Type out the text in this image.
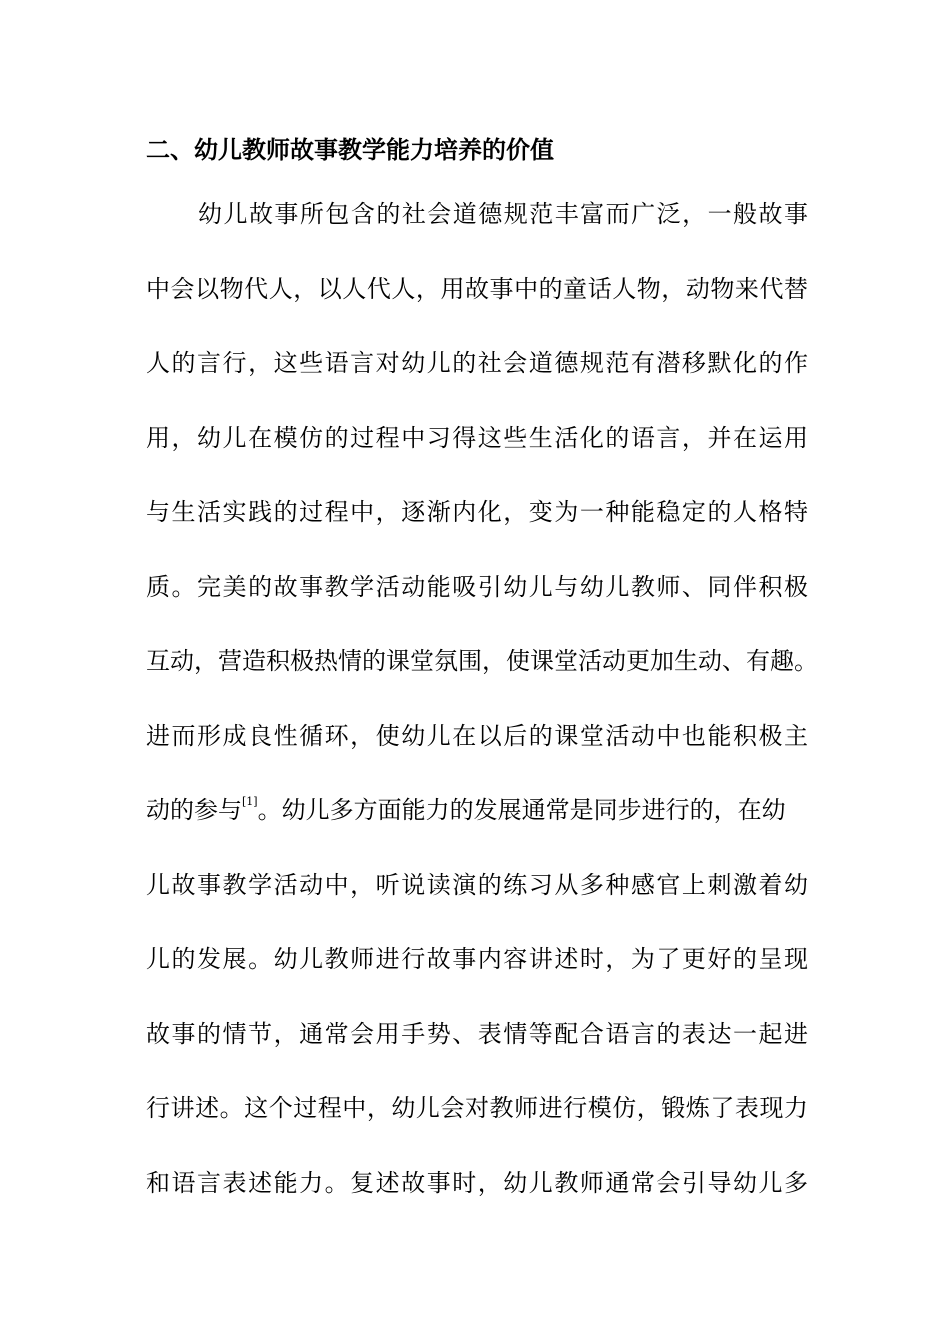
二、幼儿教师故事教学能力培养的价值
幼儿故事所包含的社会道德规范丰富而广泛，一般故事
中会以物代人，以人代人，用故事中的童话人物，动物来代替
人的言行，这些语言对幼儿的社会道德规范有潜移默化的作
用，幼儿在模仿的过程中习得这些生活化的语言，并在运用
与生活实践的过程中，逐渐内化，变为一种能稳定的人格特
质。完美的故事教学活动能吸引幼儿与幼儿教师、同伴积极
互动，营造积极热情的课堂氛围，使课堂活动更加生动、有趣。
进而形成良性循环，使幼儿在以后的课堂活动中也能积极主
动的参与[1]。幼儿多方面能力的发展通常是同步进行的，在幼
儿故事教学活动中，听说读演的练习从多种感官上刺激着幼
儿的发展。幼儿教师进行故事内容讲述时，为了更好的呈现
故事的情节，通常会用手势、表情等配合语言的表达一起进
行讲述。这个过程中，幼儿会对教师进行模仿，锻炼了表现力
和语言表述能力。复述故事时，幼儿教师通常会引导幼儿多
